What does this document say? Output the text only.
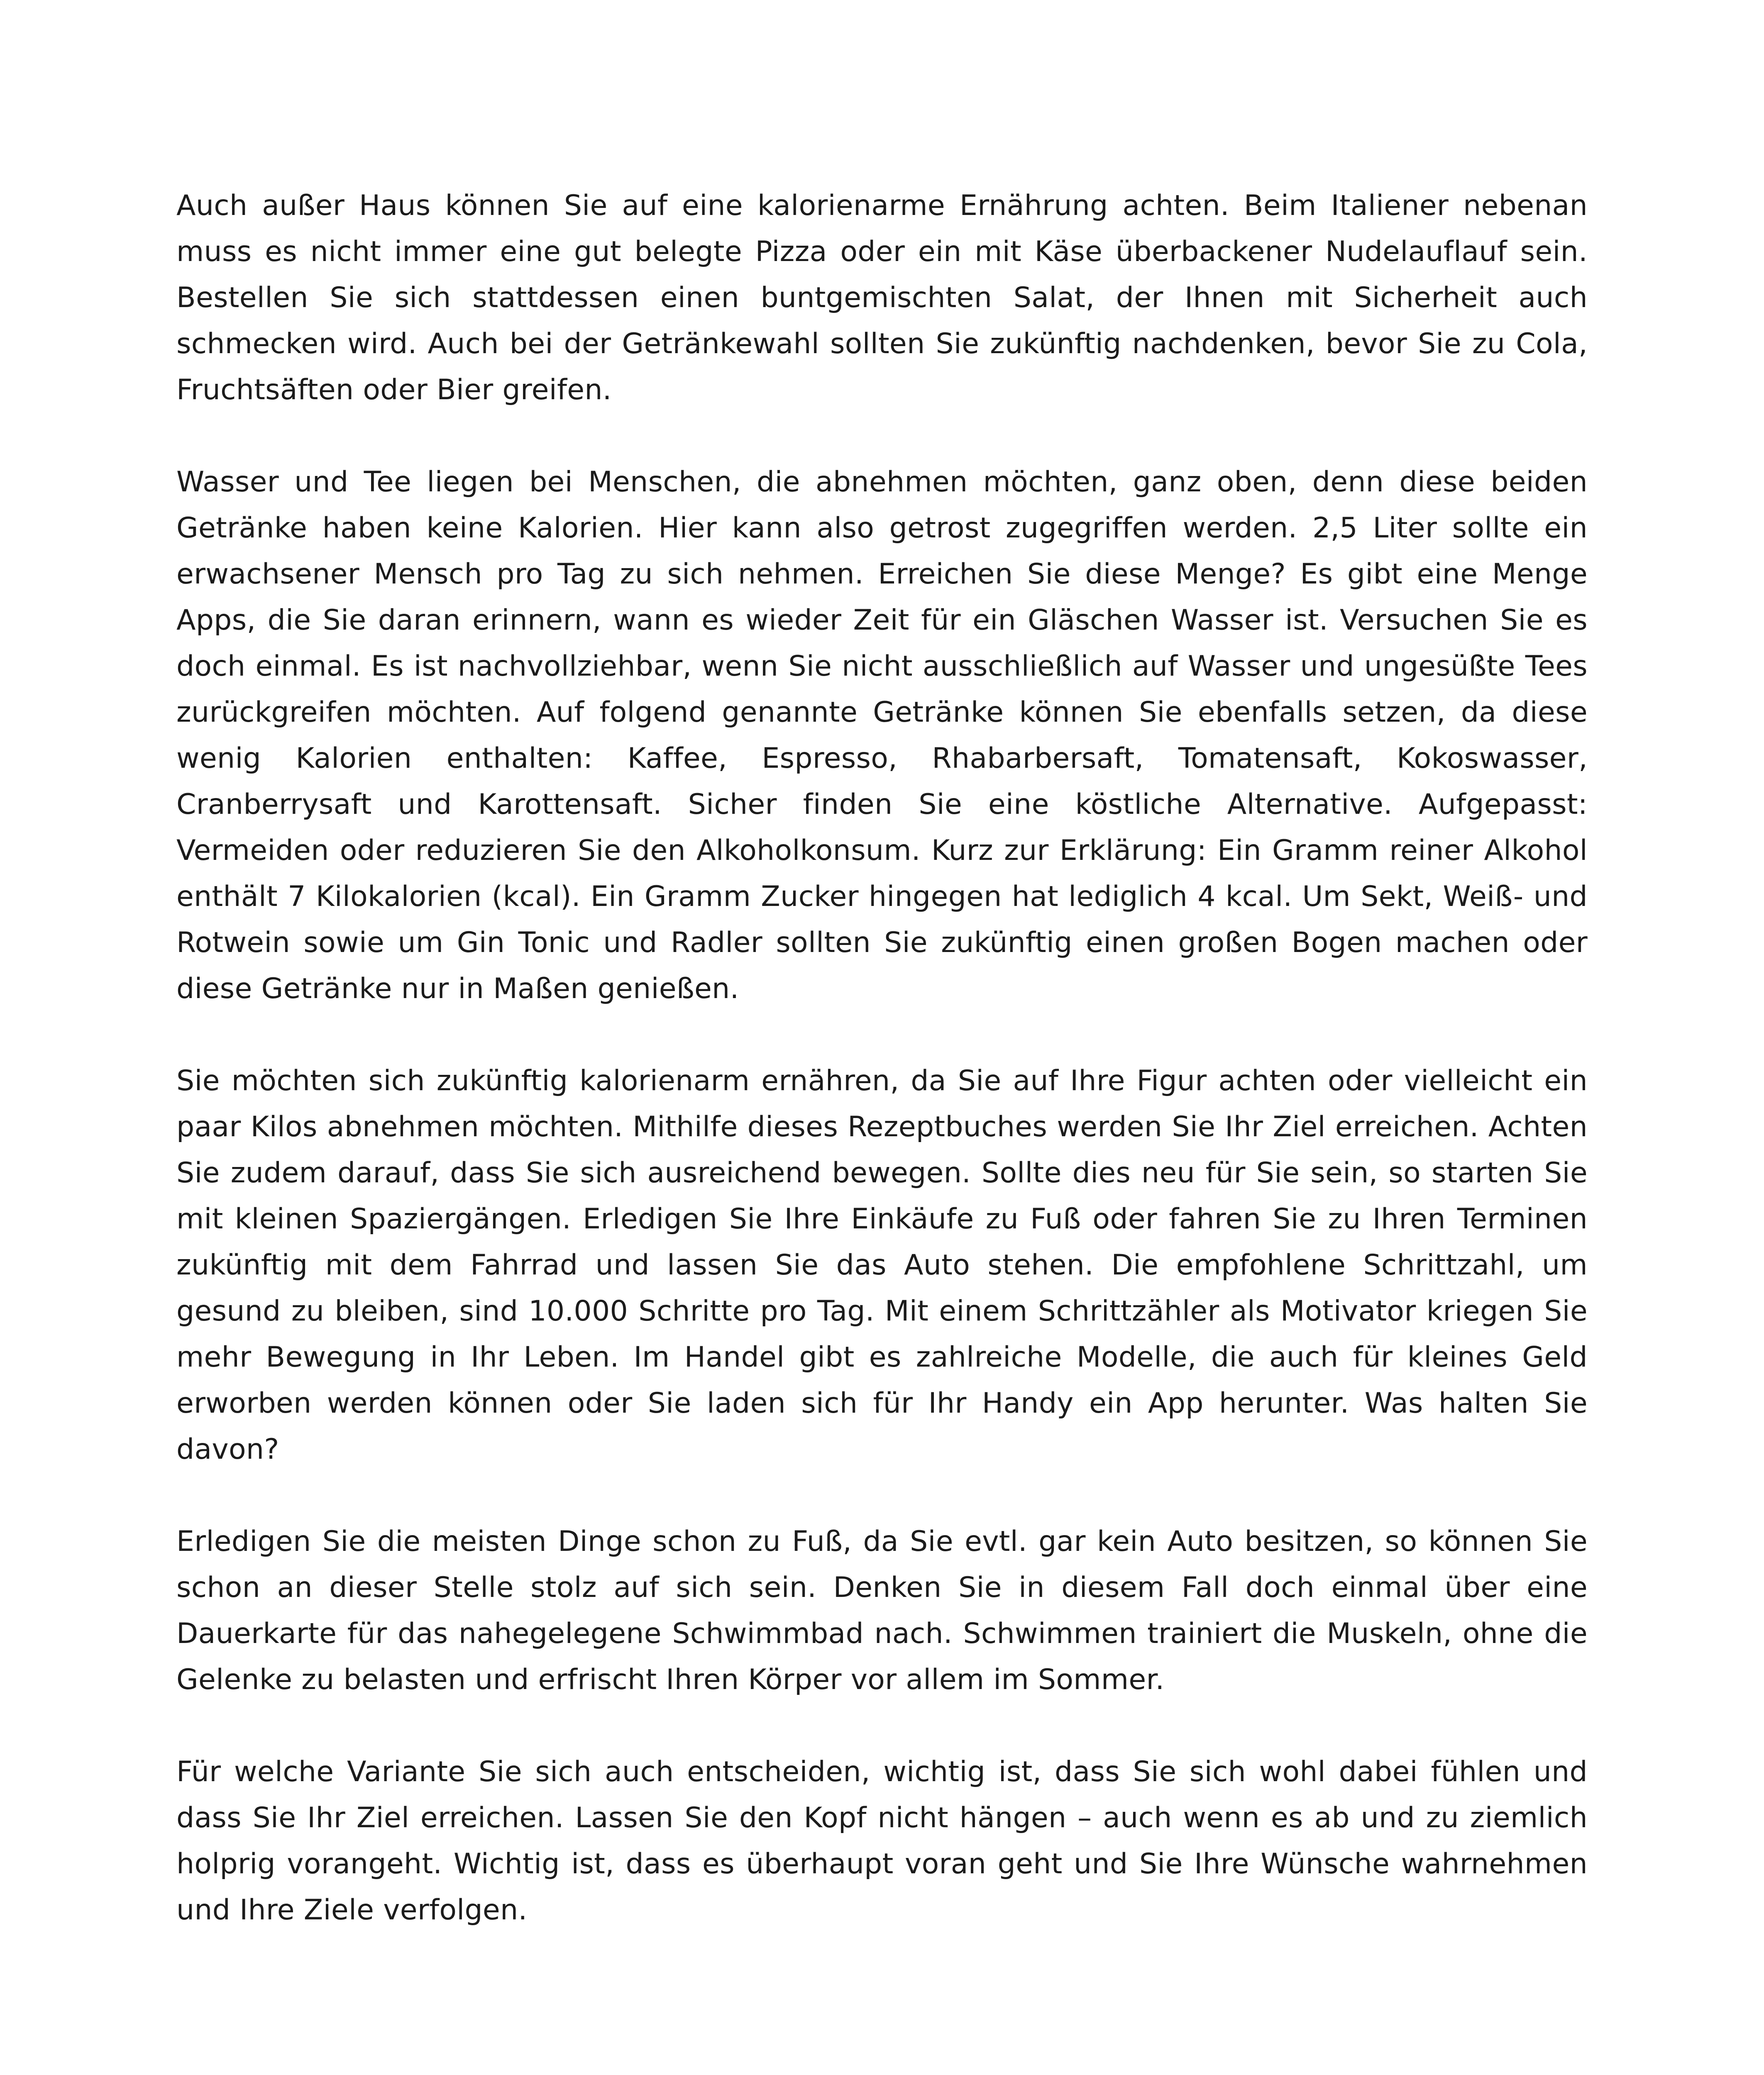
Auch außer Haus können Sie auf eine kalorienarme Ernährung achten. Beim Italiener nebenan muss es nicht immer eine gut belegte Pizza oder ein mit Käse überbackener Nudelauflauf sein. Bestellen Sie sich stattdessen einen buntgemischten Salat, der Ihnen mit Sicherheit auch schmecken wird. Auch bei der Getränkewahl sollten Sie zukünftig nachdenken, bevor Sie zu Cola, Fruchtsäften oder Bier greifen.

Wasser und Tee liegen bei Menschen, die abnehmen möchten, ganz oben, denn diese beiden Getränke haben keine Kalorien. Hier kann also getrost zugegriffen werden. 2,5 Liter sollte ein erwachsener Mensch pro Tag zu sich nehmen. Erreichen Sie diese Menge? Es gibt eine Menge Apps, die Sie daran erinnern, wann es wieder Zeit für ein Gläschen Wasser ist. Versuchen Sie es doch einmal. Es ist nachvollziehbar, wenn Sie nicht ausschließlich auf Wasser und ungesüßte Tees zurückgreifen möchten. Auf folgend genannte Getränke können Sie ebenfalls setzen, da diese wenig Kalorien enthalten: Kaffee, Espresso, Rhabarbersaft, Tomatensaft, Kokoswasser, Cranberrysaft und Karottensaft. Sicher finden Sie eine köstliche Alternative. Aufgepasst: Vermeiden oder reduzieren Sie den Alkoholkonsum. Kurz zur Erklärung: Ein Gramm reiner Alkohol enthält 7 Kilokalorien (kcal). Ein Gramm Zucker hingegen hat lediglich 4 kcal. Um Sekt, Weiß- und Rotwein sowie um Gin Tonic und Radler sollten Sie zukünftig einen großen Bogen machen oder diese Getränke nur in Maßen genießen.

Sie möchten sich zukünftig kalorienarm ernähren, da Sie auf Ihre Figur achten oder vielleicht ein paar Kilos abnehmen möchten. Mithilfe dieses Rezeptbuches werden Sie Ihr Ziel erreichen. Achten Sie zudem darauf, dass Sie sich ausreichend bewegen. Sollte dies neu für Sie sein, so starten Sie mit kleinen Spaziergängen. Erledigen Sie Ihre Einkäufe zu Fuß oder fahren Sie zu Ihren Terminen zukünftig mit dem Fahrrad und lassen Sie das Auto stehen. Die empfohlene Schrittzahl, um gesund zu bleiben, sind 10.000 Schritte pro Tag. Mit einem Schrittzähler als Motivator kriegen Sie mehr Bewegung in Ihr Leben. Im Handel gibt es zahlreiche Modelle, die auch für kleines Geld erworben werden können oder Sie laden sich für Ihr Handy ein App herunter. Was halten Sie davon?

Erledigen Sie die meisten Dinge schon zu Fuß, da Sie evtl. gar kein Auto besitzen, so können Sie schon an dieser Stelle stolz auf sich sein. Denken Sie in diesem Fall doch einmal über eine Dauerkarte für das nahegelegene Schwimmbad nach. Schwimmen trainiert die Muskeln, ohne die Gelenke zu belasten und erfrischt Ihren Körper vor allem im Sommer.

Für welche Variante Sie sich auch entscheiden, wichtig ist, dass Sie sich wohl dabei fühlen und dass Sie Ihr Ziel erreichen. Lassen Sie den Kopf nicht hängen – auch wenn es ab und zu ziemlich holprig vorangeht. Wichtig ist, dass es überhaupt voran geht und Sie Ihre Wünsche wahrnehmen und Ihre Ziele verfolgen.
